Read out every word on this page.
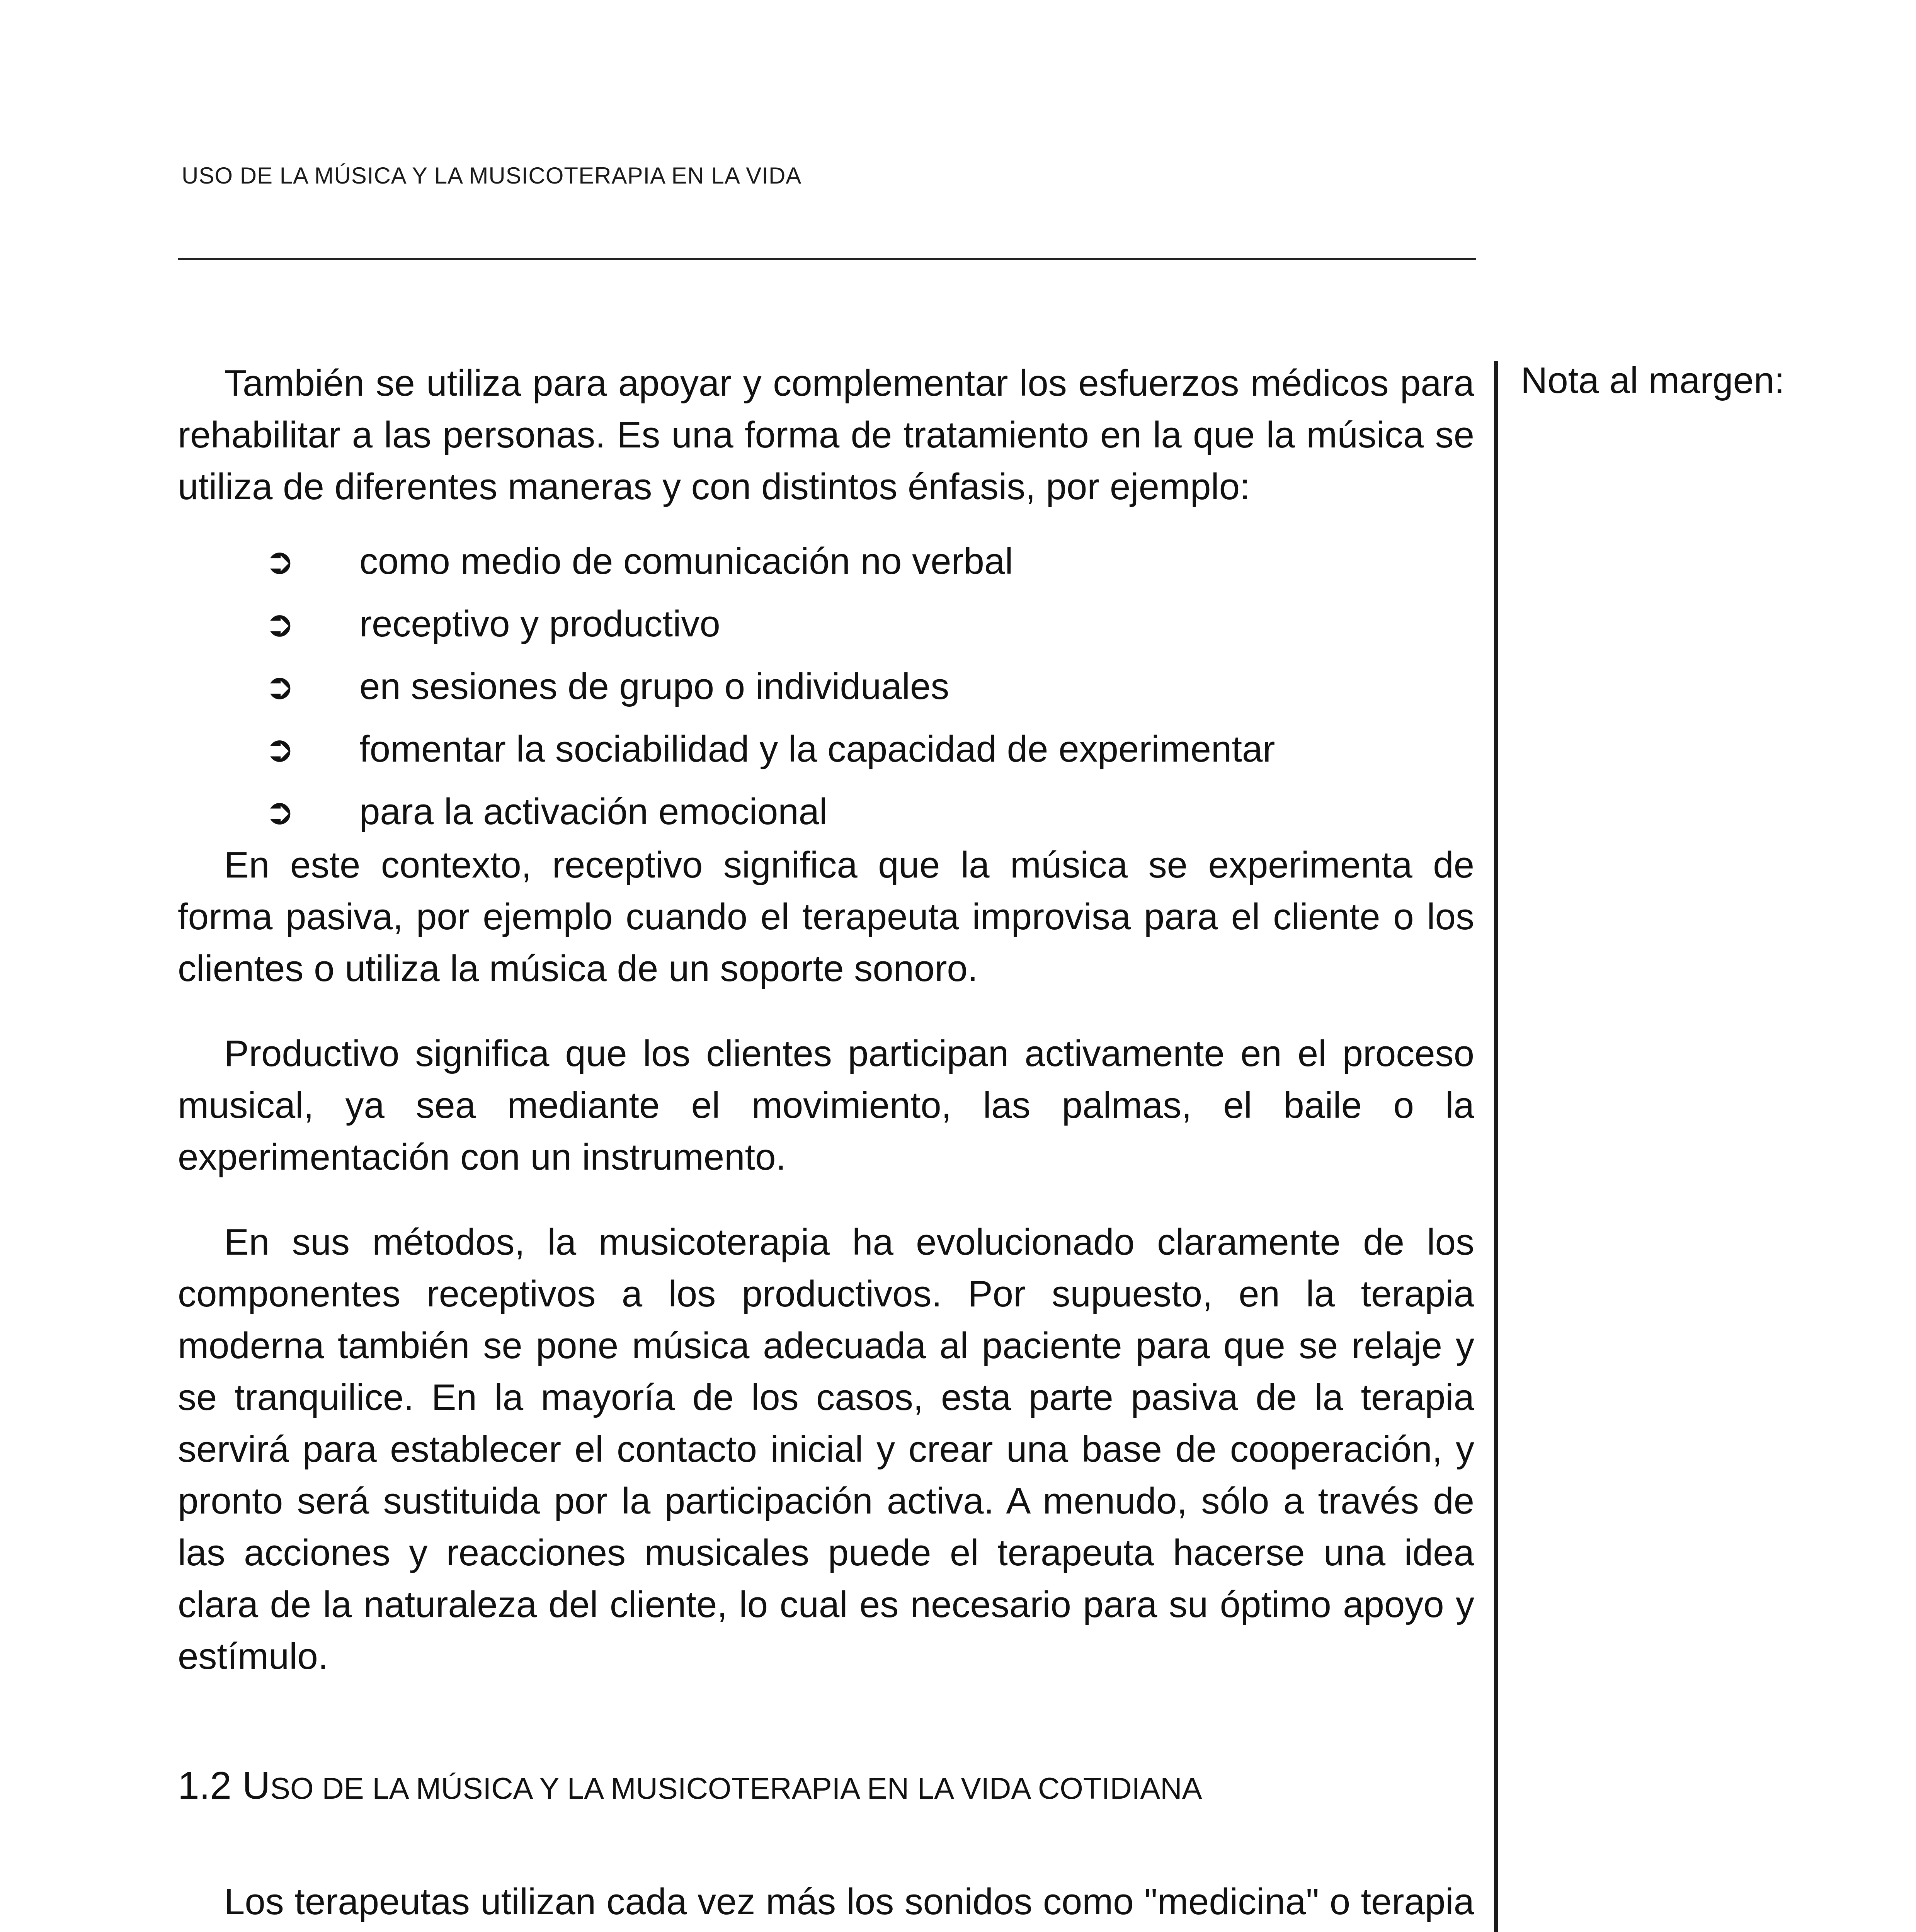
USO DE LA MÚSICA Y LA MUSICOTERAPIA EN LA VIDA
Nota al margen:

También se utiliza para apoyar y complementar los esfuerzos médicos para rehabilitar a las personas. Es una forma de tratamiento en la que la música se utiliza de diferentes maneras y con distintos énfasis, por ejemplo:

➲ como medio de comunicación no verbal
➲ receptivo y productivo
➲ en sesiones de grupo o individuales
➲ fomentar la sociabilidad y la capacidad de experimentar
➲ para la activación emocional

En este contexto, receptivo significa que la música se experimenta de forma pasiva, por ejemplo cuando el terapeuta improvisa para el cliente o los clientes o utiliza la música de un soporte sonoro.

Productivo significa que los clientes participan activamente en el proceso musical, ya sea mediante el movimiento, las palmas, el baile o la experimentación con un instrumento.

En sus métodos, la musicoterapia ha evolucionado claramente de los componentes receptivos a los productivos. Por supuesto, en la terapia moderna también se pone música adecuada al paciente para que se relaje y se tranquilice. En la mayoría de los casos, esta parte pasiva de la terapia servirá para establecer el contacto inicial y crear una base de cooperación, y pronto será sustituida por la participación activa. A menudo, sólo a través de las acciones y reacciones musicales puede el terapeuta hacerse una idea clara de la naturaleza del cliente, lo cual es necesario para su óptimo apoyo y estímulo.

1.2 USO DE LA MÚSICA Y LA MUSICOTERAPIA EN LA VIDA COTIDIANA

Los terapeutas utilizan cada vez más los sonidos como "medicina" o terapia
